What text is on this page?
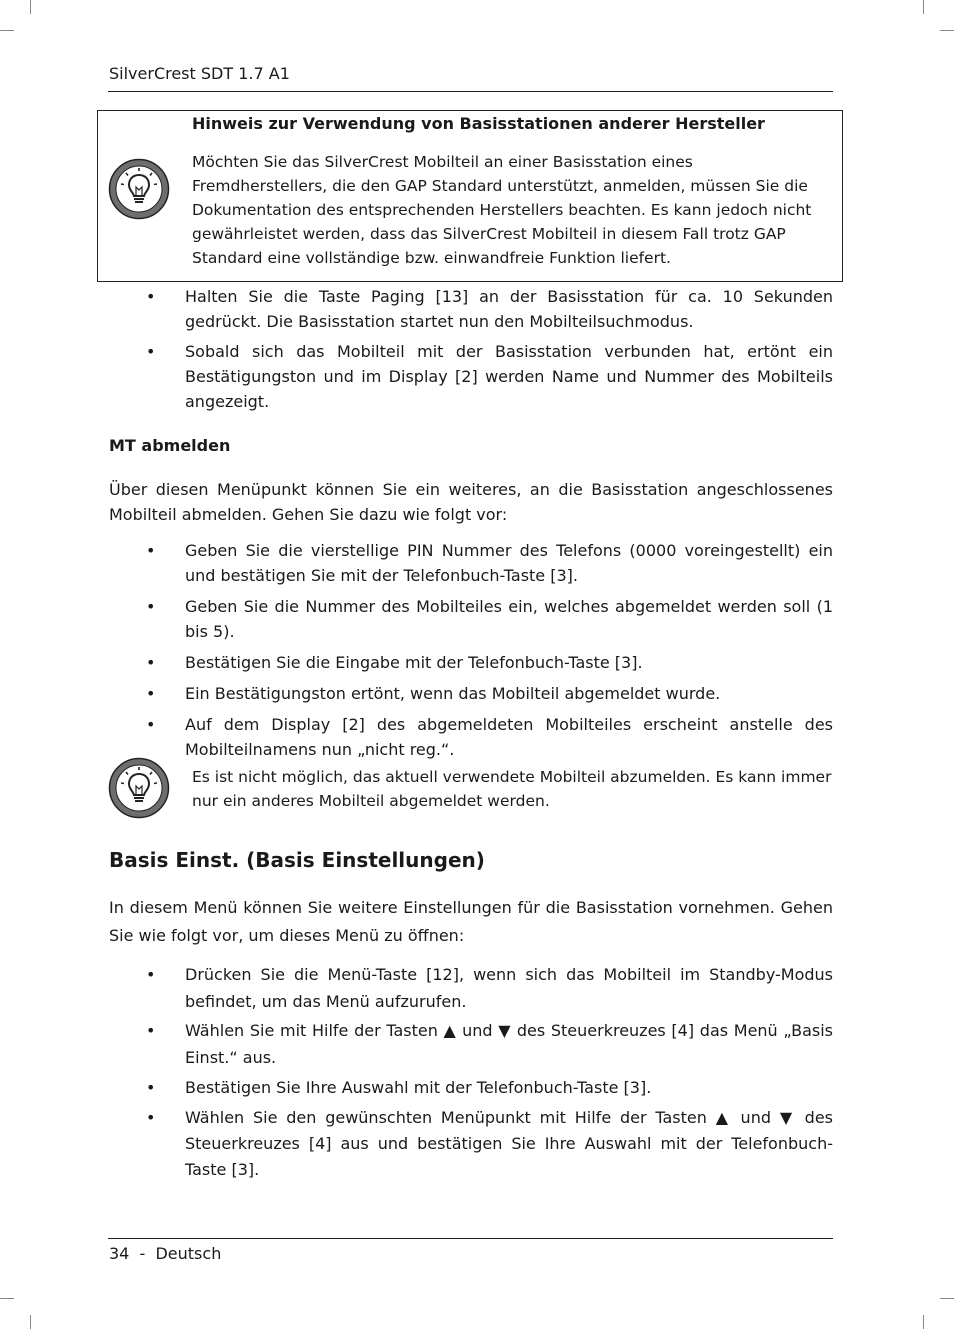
SilverCrest SDT 1.7 A1
Hinweis zur Verwendung von Basisstationen anderer Hersteller
Möchten Sie das SilverCrest Mobilteil an einer Basisstation eines Fremdherstellers, die den GAP Standard unterstützt, anmelden, müssen Sie die Dokumentation des entsprechenden Herstellers beachten. Es kann jedoch nicht gewährleistet werden, dass das SilverCrest Mobilteil in diesem Fall trotz GAP Standard eine vollständige bzw. einwandfreie Funktion liefert.
• Halten Sie die Taste Paging [13] an der Basisstation für ca. 10 Sekunden gedrückt. Die Basisstation startet nun den Mobilteilsuchmodus.
• Sobald sich das Mobilteil mit der Basisstation verbunden hat, ertönt ein Bestätigungston und im Display [2] werden Name und Nummer des Mobilteils angezeigt.
MT abmelden
Über diesen Menüpunkt können Sie ein weiteres, an die Basisstation angeschlossenes Mobilteil abmelden. Gehen Sie dazu wie folgt vor:
• Geben Sie die vierstellige PIN Nummer des Telefons (0000 voreingestellt) ein und bestätigen Sie mit der Telefonbuch-Taste [3].
• Geben Sie die Nummer des Mobilteiles ein, welches abgemeldet werden soll (1 bis 5).
• Bestätigen Sie die Eingabe mit der Telefonbuch-Taste [3].
• Ein Bestätigungston ertönt, wenn das Mobilteil abgemeldet wurde.
• Auf dem Display [2] des abgemeldeten Mobilteiles erscheint anstelle des Mobilteilnamens nun „nicht reg.“.
Es ist nicht möglich, das aktuell verwendete Mobilteil abzumelden. Es kann immer nur ein anderes Mobilteil abgemeldet werden.
Basis Einst. (Basis Einstellungen)
In diesem Menü können Sie weitere Einstellungen für die Basisstation vornehmen. Gehen Sie wie folgt vor, um dieses Menü zu öffnen:
• Drücken Sie die Menü-Taste [12], wenn sich das Mobilteil im Standby-Modus befindet, um das Menü aufzurufen.
• Wählen Sie mit Hilfe der Tasten ▲ und ▼ des Steuerkreuzes [4] das Menü „Basis Einst.“ aus.
• Bestätigen Sie Ihre Auswahl mit der Telefonbuch-Taste [3].
• Wählen Sie den gewünschten Menüpunkt mit Hilfe der Tasten ▲ und ▼ des Steuerkreuzes [4] aus und bestätigen Sie Ihre Auswahl mit der Telefonbuch-Taste [3].
34  -  Deutsch
